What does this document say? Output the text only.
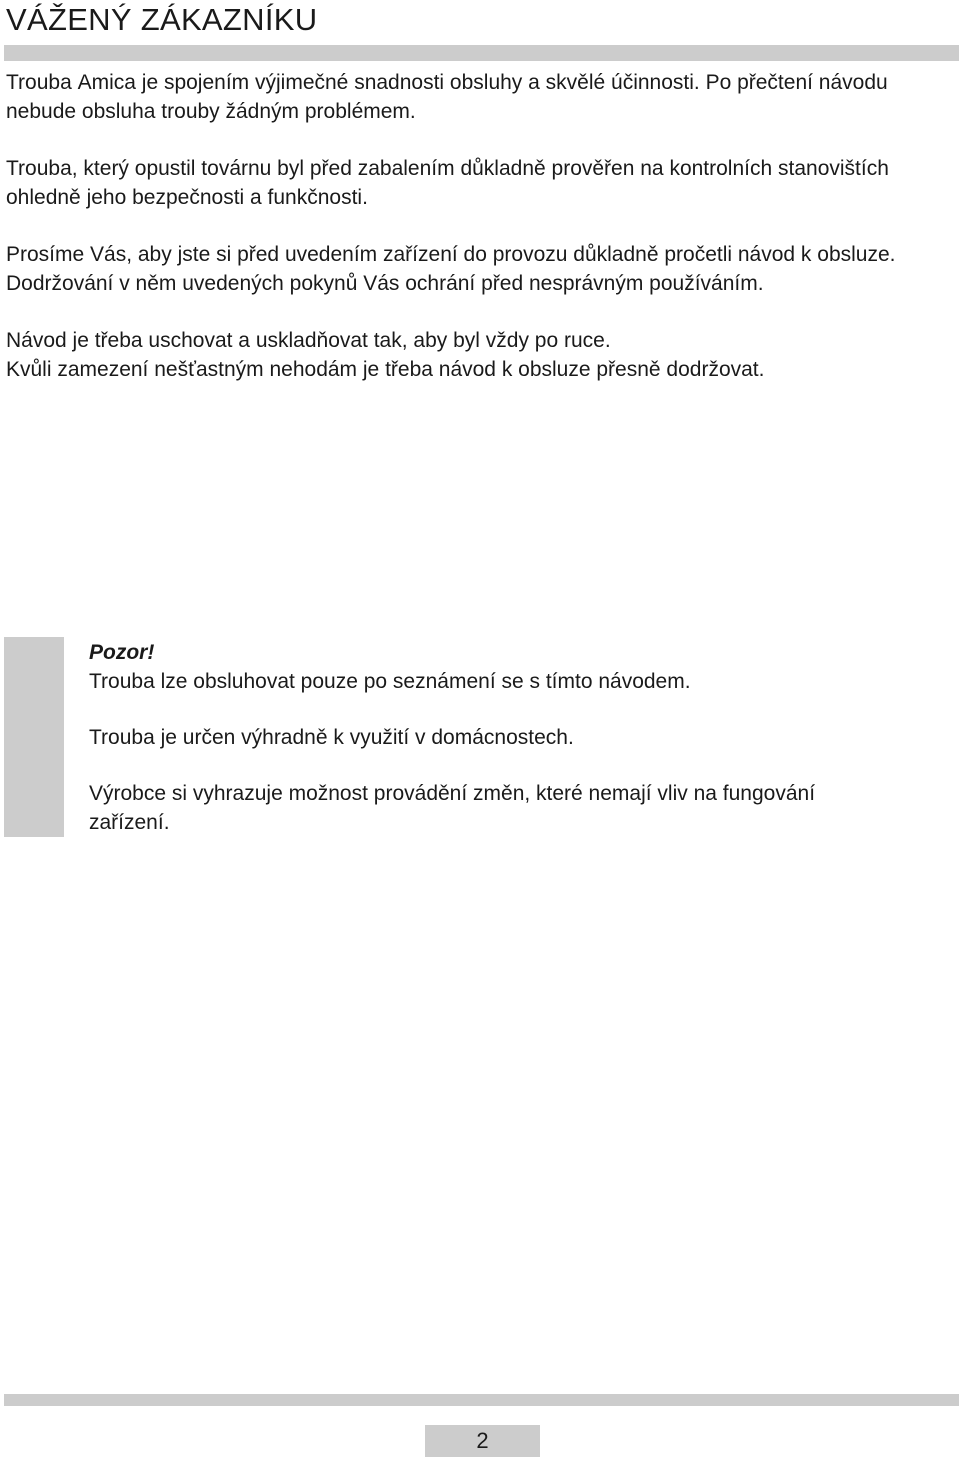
VÁŽENÝ ZÁKAZNÍKU

Troubа Amica je spojením výjimečné snadnosti obsluhy a skvělé účinnosti. Po přečtení návodu
nebude obsluha trouby žádným problémem.

Trouba, který opustil továrnu byl před zabalením důkladně prověřen na kontrolních stanovištích
ohledně jeho bezpečnosti a funkčnosti.

Prosíme Vás, aby jste si před uvedením zařízení do provozu důkladně pročetli návod k obsluze.
Dodržování v něm uvedených pokynů Vás ochrání před nesprávným používáním.

Návod je třeba uschovat a uskladňovat tak, aby byl vždy po ruce.
Kvůli zamezení nešťastným nehodám je třeba návod k obsluze přesně dodržovat.

Pozor!
Trouba lze obsluhovat pouze po seznámení se s tímto návodem.
Trouba je určen výhradně k využití v domácnostech.
Výrobce si vyhrazuje možnost provádění změn, které nemají vliv na fungování
zařízení.
2
